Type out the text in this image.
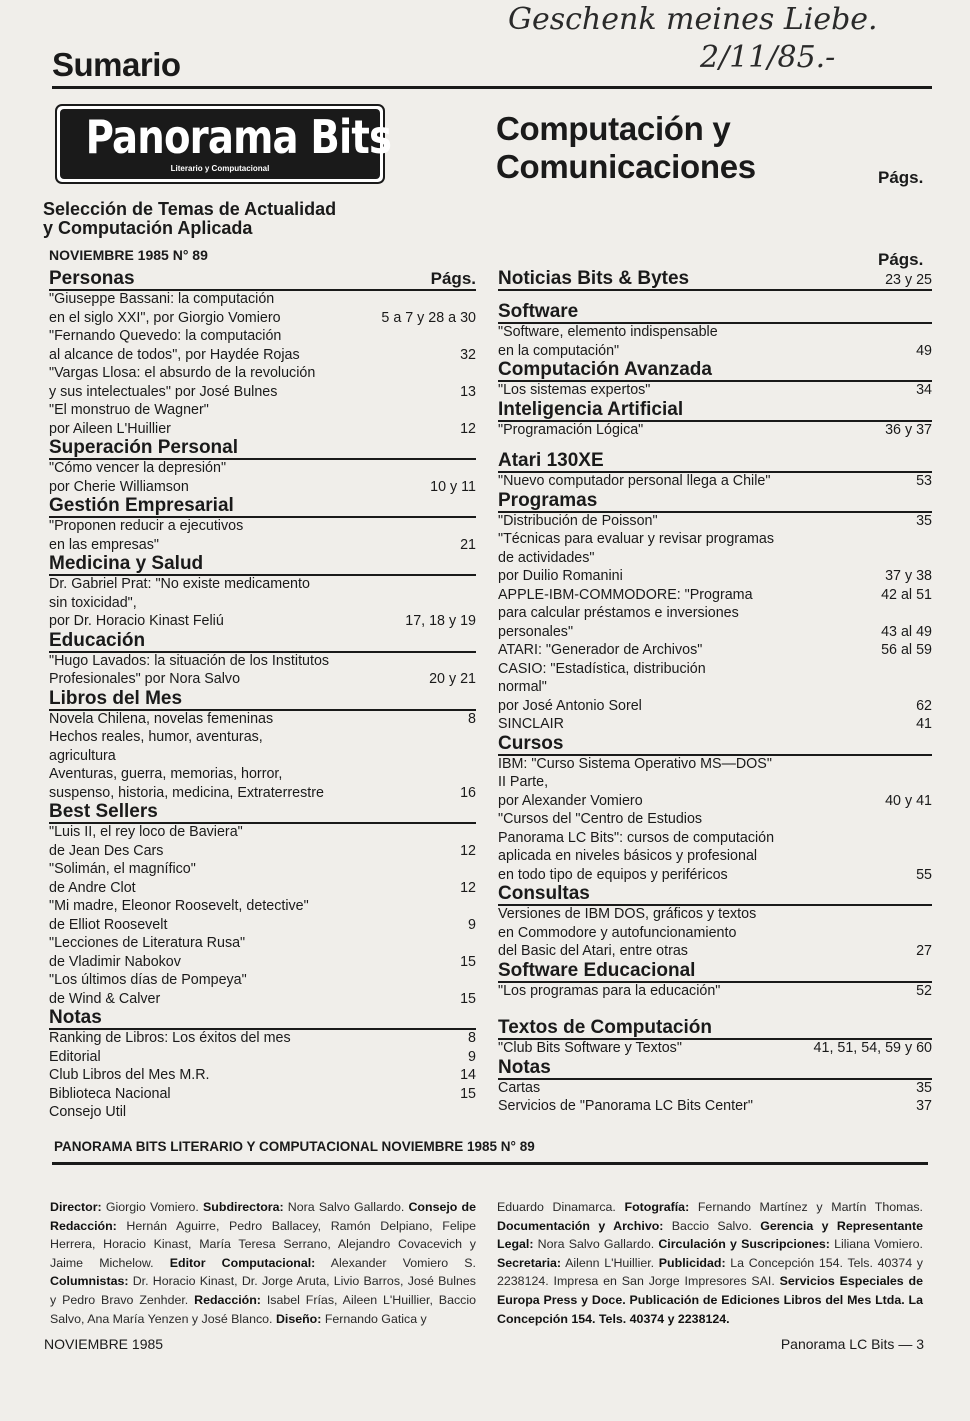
Geschenk meines Liebe.
2/11/85.-
Sumario
Panorama Bits
Literario y Computacional
Selección de Temas de Actualidad
y Computación Aplicada
NOVIEMBRE 1985 N° 89
Computación y
Comunicaciones	Págs.
Págs.
Personas	Págs.
"Giuseppe Bassani: la computación
en el siglo XXI", por Giorgio Vomiero	5 a 7 y 28 a 30
"Fernando Quevedo: la computación
al alcance de todos", por Haydée Rojas	32
"Vargas Llosa: el absurdo de la revolución
y sus intelectuales" por José Bulnes	13
"El monstruo de Wagner"
por Aileen L'Huillier	12
Superación Personal
"Cómo vencer la depresión"
por Cherie Williamson	10 y 11
Gestión Empresarial
"Proponen reducir a ejecutivos
en las empresas"	21
Medicina y Salud
Dr. Gabriel Prat: "No existe medicamento
sin toxicidad",
por Dr. Horacio Kinast Feliú	17, 18 y 19
Educación
"Hugo Lavados: la situación de los Institutos
Profesionales" por Nora Salvo	20 y 21
Libros del Mes
Novela Chilena, novelas femeninas	8
Hechos reales, humor, aventuras,
agricultura
Aventuras, guerra, memorias, horror,
suspenso, historia, medicina, Extraterrestre	16
Best Sellers
"Luis II, el rey loco de Baviera"
de Jean Des Cars	12
"Solimán, el magnífico"
de Andre Clot	12
"Mi madre, Eleonor Roosevelt, detective"
de Elliot Roosevelt	9
"Lecciones de Literatura Rusa"
de Vladimir Nabokov	15
"Los últimos días de Pompeya"
de Wind & Calver	15
Notas
Ranking de Libros: Los éxitos del mes	8
Editorial	9
Club Libros del Mes M.R.	14
Biblioteca Nacional	15
Consejo Util
Noticias Bits & Bytes	23 y 25
Software
"Software, elemento indispensable
en la computación"	49
Computación Avanzada
"Los sistemas expertos"	34
Inteligencia Artificial
"Programación Lógica"	36 y 37
Atari 130XE
"Nuevo computador personal llega a Chile"	53
Programas
"Distribución de Poisson"	35
"Técnicas para evaluar y revisar programas
de actividades"
por Duilio Romanini	37 y 38
APPLE-IBM-COMMODORE: "Programa	42 al 51
para calcular préstamos e inversiones
personales"	43 al 49
ATARI: "Generador de Archivos"	56 al 59
CASIO: "Estadística, distribución
normal"
por José Antonio Sorel	62
SINCLAIR	41
Cursos
IBM: "Curso Sistema Operativo MS—DOS"
II Parte,
por Alexander Vomiero	40 y 41
"Cursos del "Centro de Estudios
Panorama LC Bits": cursos de computación
aplicada en niveles básicos y profesional
en todo tipo de equipos y periféricos	55
Consultas
Versiones de IBM DOS, gráficos y textos
en Commodore y autofuncionamiento
del Basic del Atari, entre otras	27
Software Educacional
"Los programas para la educación"	52
Textos de Computación
"Club Bits Software y Textos"	41, 51, 54, 59 y 60
Notas
Cartas	35
Servicios de "Panorama LC Bits Center"	37
PANORAMA BITS LITERARIO Y COMPUTACIONAL NOVIEMBRE 1985 N° 89
Director: Giorgio Vomiero. Subdirectora: Nora Salvo Gallardo. Consejo de Redacción: Hernán Aguirre, Pedro Ballacey, Ramón Delpiano, Felipe Herrera, Horacio Kinast, María Teresa Serrano, Alejandro Covacevich y Jaime Michelow. Editor Computacional: Alexander Vomiero S. Columnistas: Dr. Horacio Kinast, Dr. Jorge Aruta, Livio Barros, José Bulnes y Pedro Bravo Zenhder. Redacción: Isabel Frías, Aileen L'Huillier, Baccio Salvo, Ana María Yenzen y José Blanco. Diseño: Fernando Gatica y
Eduardo Dinamarca. Fotografía: Fernando Martínez y Martín Thomas. Documentación y Archivo: Baccio Salvo. Gerencia y Representante Legal: Nora Salvo Gallardo. Circulación y Suscripciones: Liliana Vomiero. Secretaria: Ailenn L'Huillier. Publicidad: La Concepción 154. Tels. 40374 y 2238124. Impresa en San Jorge Impresores SAI. Servicios Especiales de Europa Press y Doce. Publicación de Ediciones Libros del Mes Ltda. La Concepción 154. Tels. 40374 y 2238124.
NOVIEMBRE 1985	Panorama LC Bits — 3
